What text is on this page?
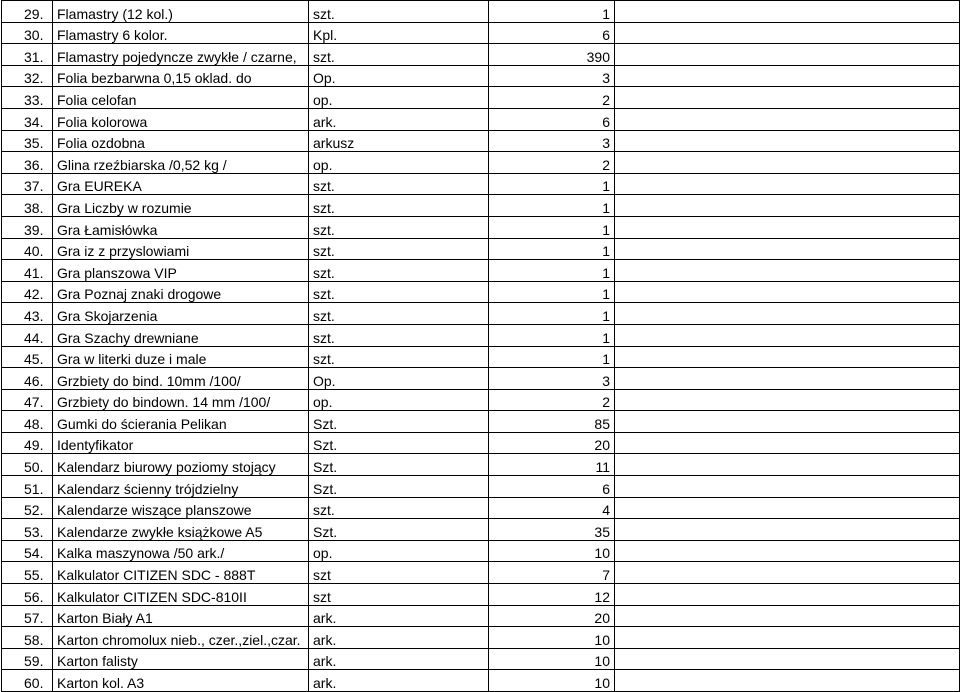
29.	Flamastry (12 kol.)	szt.	1	
30.	Flamastry 6 kolor.	Kpl.	6	
31.	Flamastry pojedyncze zwykłe / czarne,	szt.	390	
32.	Folia bezbarwna 0,15 oklad. do	Op.	3	
33.	Folia celofan	op.	2	
34.	Folia kolorowa	ark.	6	
35.	Folia ozdobna	arkusz	3	
36.	Glina rzeźbiarska /0,52 kg /	op.	2	
37.	Gra EUREKA	szt.	1	
38.	Gra Liczby w rozumie	szt.	1	
39.	Gra Łamisłówka	szt.	1	
40.	Gra iz z przyslowiami	szt.	1	
41.	Gra planszowa VIP	szt.	1	
42.	Gra Poznaj znaki drogowe	szt.	1	
43.	Gra Skojarzenia	szt.	1	
44.	Gra Szachy drewniane	szt.	1	
45.	Gra w literki duze i male	szt.	1	
46.	Grzbiety do bind. 10mm /100/	Op.	3	
47.	Grzbiety do bindown. 14 mm /100/	op.	2	
48.	Gumki do ścierania Pelikan	Szt.	85	
49.	Identyfikator	Szt.	20	
50.	Kalendarz biurowy poziomy stojący	Szt.	11	
51.	Kalendarz ścienny trójdzielny	Szt.	6	
52.	Kalendarze wiszące planszowe	szt.	4	
53.	Kalendarze zwykłe książkowe A5	Szt.	35	
54.	Kalka maszynowa /50 ark./	op.	10	
55.	Kalkulator CITIZEN SDC - 888T	szt	7	
56.	Kalkulator CITIZEN SDC-810II	szt	12	
57.	Karton Biały A1	ark.	20	
58.	Karton chromolux nieb., czer.,ziel.,czar.	ark.	10	
59.	Karton falisty	ark.	10	
60.	Karton kol. A3	ark.	10	
